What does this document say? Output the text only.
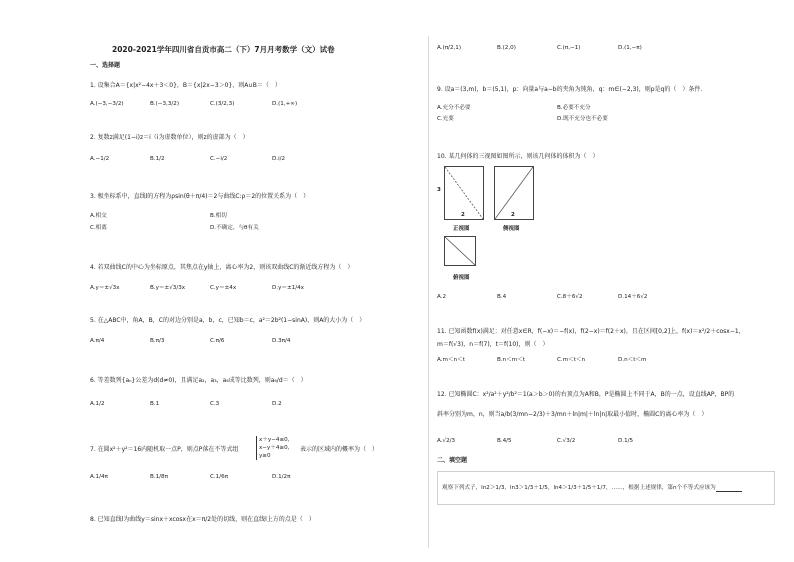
2020-2021学年四川省自贡市高二（下）7月月考数学（文）试卷
一、选择题
1. 设集合A＝{x|x²−4x＋3＜0}，B＝{x|2x−3＞0}，则A∪B＝（　）
A.(−3,−3/2)	B.(−3,3/2)	C.(3/2,3)	D.(1,+∞)
2. 复数z满足(1−i)z＝i（i为虚数单位），则z的虚部为（　）
A.−1/2	B.1/2	C.−i/2	D.i/2
3. 极坐标系中，直线l的方程为ρsin(θ＋π/4)＝2与曲线C:ρ＝2的位置关系为（　）
A.相交	B.相切
C.相离	D.不确定，与θ有关
4. 若双曲线C的中心为坐标原点，其焦点在y轴上，离心率为2，则该双曲线C的渐近线方程为（　）
A.y＝±√3x	B.y＝±√3/3x	C.y＝±4x	D.y＝±1/4x
5. 在△ABC中，角A，B，C的对边分别是a，b，c，已知b＝c，a²＝2b²(1−sinA)，则A的大小为（　）
A.π/4	B.π/3	C.π/6	D.3π/4
6. 等差数列{aₙ}公差为d(d≠0)，且满足a₂，a₃，a₆成等比数列，则a₆/d＝（　）
A.1/2	B.1	C.3	D.2
7. 在圆x²＋y²＝16内随机取一点P，则点P落在不等式组
x＋y−4≤0,
x−y＋4≥0,
y≥0
表示的区域内的概率为（　）
A.1/4π	B.1/8π	C.1/6π	D.1/2π
8. 已知直线l为曲线y＝sinx＋xcosx在x＝π/2处的切线，则在直线l上方的点是（　）
A.(π/2,1)	B.(2,0)	C.(π,−1)	D.(1,−π)
9. 设a＝(3,m)，b＝(5,1)，p：向量a与a−b的夹角为钝角，q：m∈(−2,3)，则p是q的（　）条件.
A.充分不必要	B.必要不充分
C.充要	D.既不充分也不必要
10. 某几何体的三视图如图所示，则该几何体的体积为（　）
3
2
正视图
2
侧视图
俯视图
A.2	B.4	C.8＋6√2	D.14＋6√2
11. 已知函数f(x)满足：对任意x∈R，f(−x)＝−f(x)，f(2−x)＝f(2＋x)，且在区间[0,2]上，f(x)＝x²/2＋cosx−1，
m＝f(√3)，n＝f(7)，t＝f(10)，则（　）
A.m＜n＜t	B.n＜m＜t	C.m＜t＜n	D.n＜t＜m
12. 已知椭圆C：x²/a²＋y²/b²＝1(a＞b＞0)的右顶点为A和B，P是椭圆上不同于A，B的一点，设直线AP，BP的
斜率分别为m，n，则当a/b(3/mn−2/3)＋3/mn＋ln|m|＋ln|n|取最小值时，椭圆C的离心率为（　）
A.√2/3	B.4/5	C.√3/2	D.1/5
二、填空题
观察下列式子，ln2＞1/3，ln3＞1/3＋1/5，ln4＞1/3＋1/5＋1/7，……，根据上述规律，第n个不等式应该为
